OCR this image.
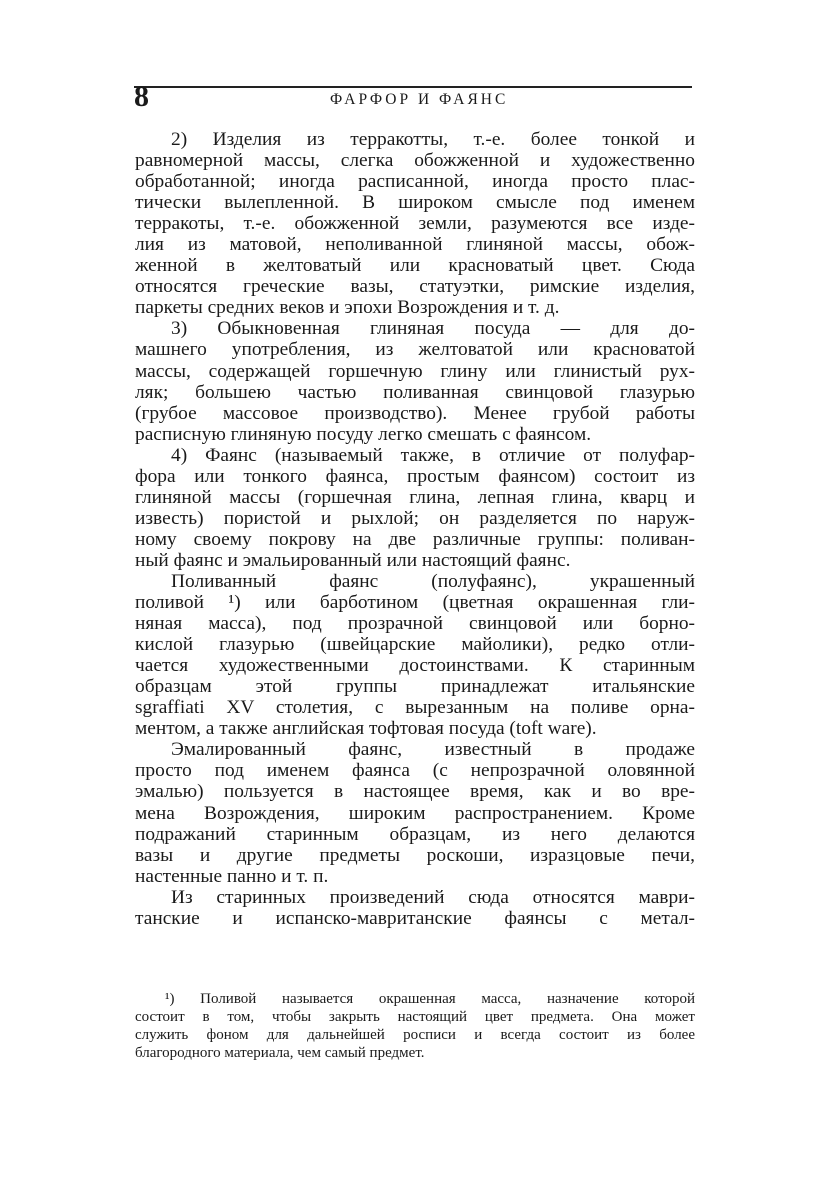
8	ФАРФОР И ФАЯНС
2) Изделия из терракотты, т.-е. более тонкой и
равномерной массы, слегка обожженной и художественно
обработанной; иногда расписанной, иногда просто плас-
тически вылепленной. В широком смысле под именем
терракоты, т.-е. обожженной земли, разумеются все изде-
лия из матовой, неполиванной глиняной массы, обож-
женной в желтоватый или красноватый цвет. Сюда
относятся греческие вазы, статуэтки, римские изделия,
паркеты средних веков и эпохи Возрождения и т. д.
3) Обыкновенная глиняная посуда — для до-
машнего употребления, из желтоватой или красноватой
массы, содержащей горшечную глину или глинистый рух-
ляк; большею частью поливанная свинцовой глазурью
(грубое массовое производство). Менее грубой работы
расписную глиняную посуду легко смешать с фаянсом.
4) Фаянс (называемый также, в отличие от полуфар-
фора или тонкого фаянса, простым фаянсом) состоит из
глиняной массы (горшечная глина, лепная глина, кварц и
известь) пористой и рыхлой; он разделяется по наруж-
ному своему покрову на две различные группы: поливан-
ный фаянс и эмальированный или настоящий фаянс.
Поливанный фаянс (полуфаянс), украшенный
поливой ¹) или барботином (цветная окрашенная гли-
няная масса), под прозрачной свинцовой или борно-
кислой глазурью (швейцарские майолики), редко отли-
чается художественными достоинствами. К старинным
образцам этой группы принадлежат итальянские
sgraffiati XV столетия, с вырезанным на поливе орна-
ментом, а также английская тофтовая посуда (toft ware).
Эмалированный фаянс, известный в продаже
просто под именем фаянса (с непрозрачной оловянной
эмалью) пользуется в настоящее время, как и во вре-
мена Возрождения, широким распространением. Кроме
подражаний старинным образцам, из него делаются
вазы и другие предметы роскоши, изразцовые печи,
настенные панно и т. п.
Из старинных произведений сюда относятся маври-
танские и испанско-мавританские фаянсы с метал-
¹) Поливой называется окрашенная масса, назначение которой
состоит в том, чтобы закрыть настоящий цвет предмета. Она может
служить фоном для дальнейшей росписи и всегда состоит из более
благородного материала, чем самый предмет.
